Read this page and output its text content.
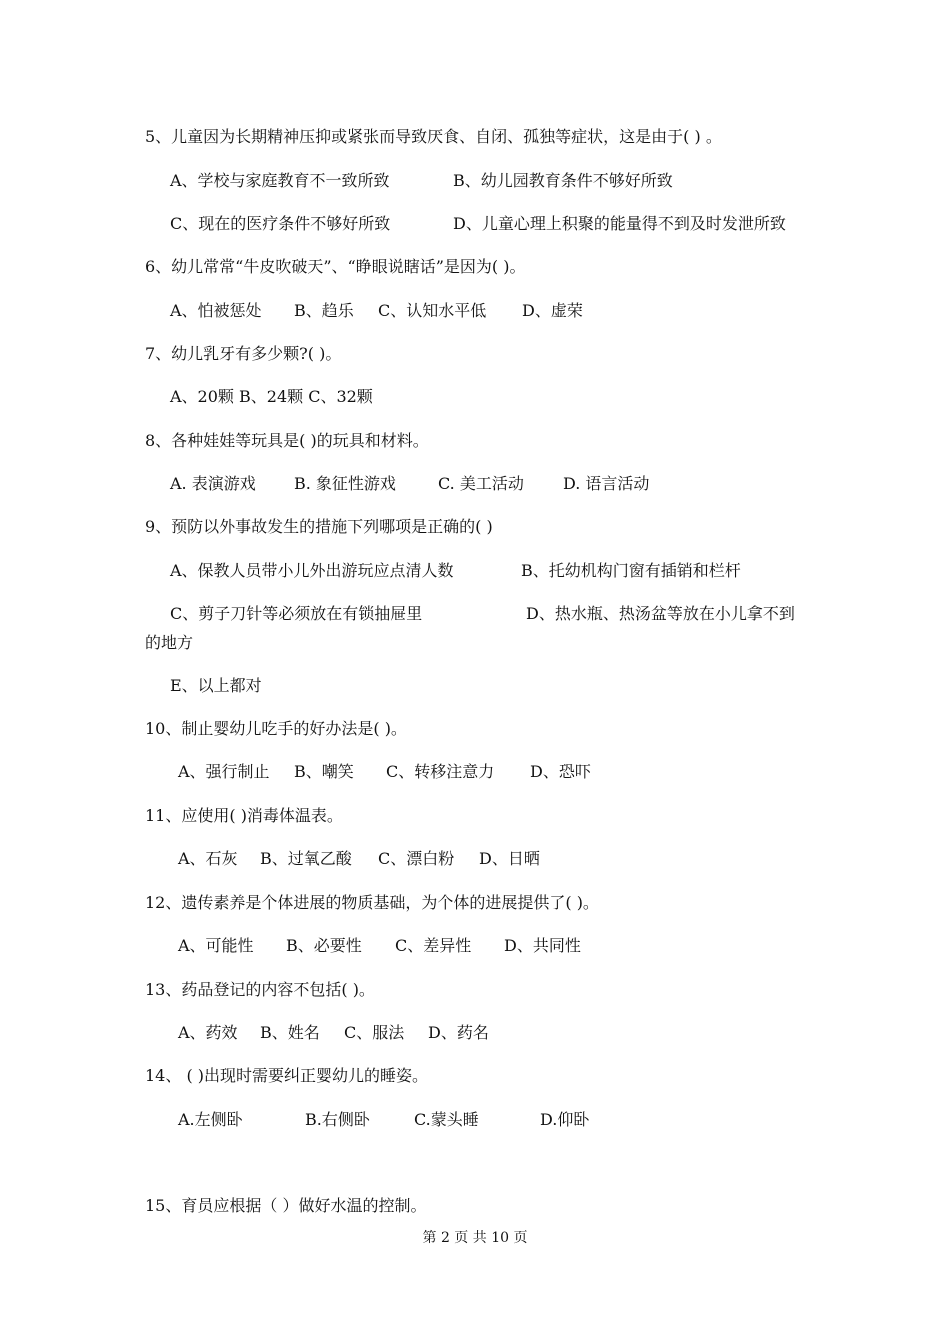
5、儿童因为长期精神压抑或紧张而导致厌食、自闭、孤独等症状，这是由于( ) 。
A、学校与家庭教育不一致所致	B、幼儿园教育条件不够好所致
C、现在的医疗条件不够好所致	D、儿童心理上积聚的能量得不到及时发泄所致
6、幼儿常常“牛皮吹破天”、“睁眼说瞎话”是因为( )。
A、怕被惩处 B、趋乐 C、认知水平低 D、虚荣
7、幼儿乳牙有多少颗?( )。
A、20颗 B、24颗 C、32颗
8、各种娃娃等玩具是( )的玩具和材料。
A. 表演游戏 B. 象征性游戏	C. 美工活动 D. 语言活动
9、预防以外事故发生的措施下列哪项是正确的( )
A、保教人员带小儿外出游玩应点清人数	B、托幼机构门窗有插销和栏杆
C、剪子刀针等必须放在有锁抽屉里	D、热水瓶、热汤盆等放在小儿拿不到
的地方
E、以上都对
10、制止婴幼儿吃手的好办法是( )。
A、强行制止 B、嘲笑 C、转移注意力 D、恐吓
11、应使用( )消毒体温表。
A、石灰 B、过氧乙酸 C、漂白粉 D、日晒
12、遗传素养是个体进展的物质基础，为个体的进展提供了( )。
A、可能性 B、必要性 C、差异性 D、共同性
13、药品登记的内容不包括( )。
A、药效 B、姓名 C、服法 D、药名
14、 ( )出现时需要纠正婴幼儿的睡姿。
A.左侧卧	B.右侧卧	C.蒙头睡	D.仰卧
15、育员应根据（ ）做好水温的控制。
第 2 页 共 10 页
